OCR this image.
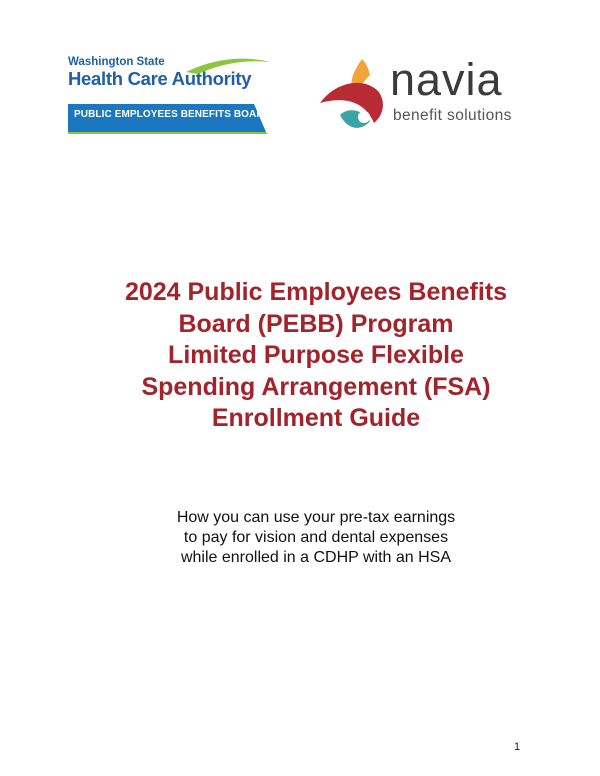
Washington State
Health Care Authority
PUBLIC EMPLOYEES BENEFITS BOARD
navia
benefit solutions
2024 Public Employees Benefits
Board (PEBB) Program
Limited Purpose Flexible
Spending Arrangement (FSA)
Enrollment Guide

How you can use your pre-tax earnings
to pay for vision and dental expenses
while enrolled in a CDHP with an HSA

1
